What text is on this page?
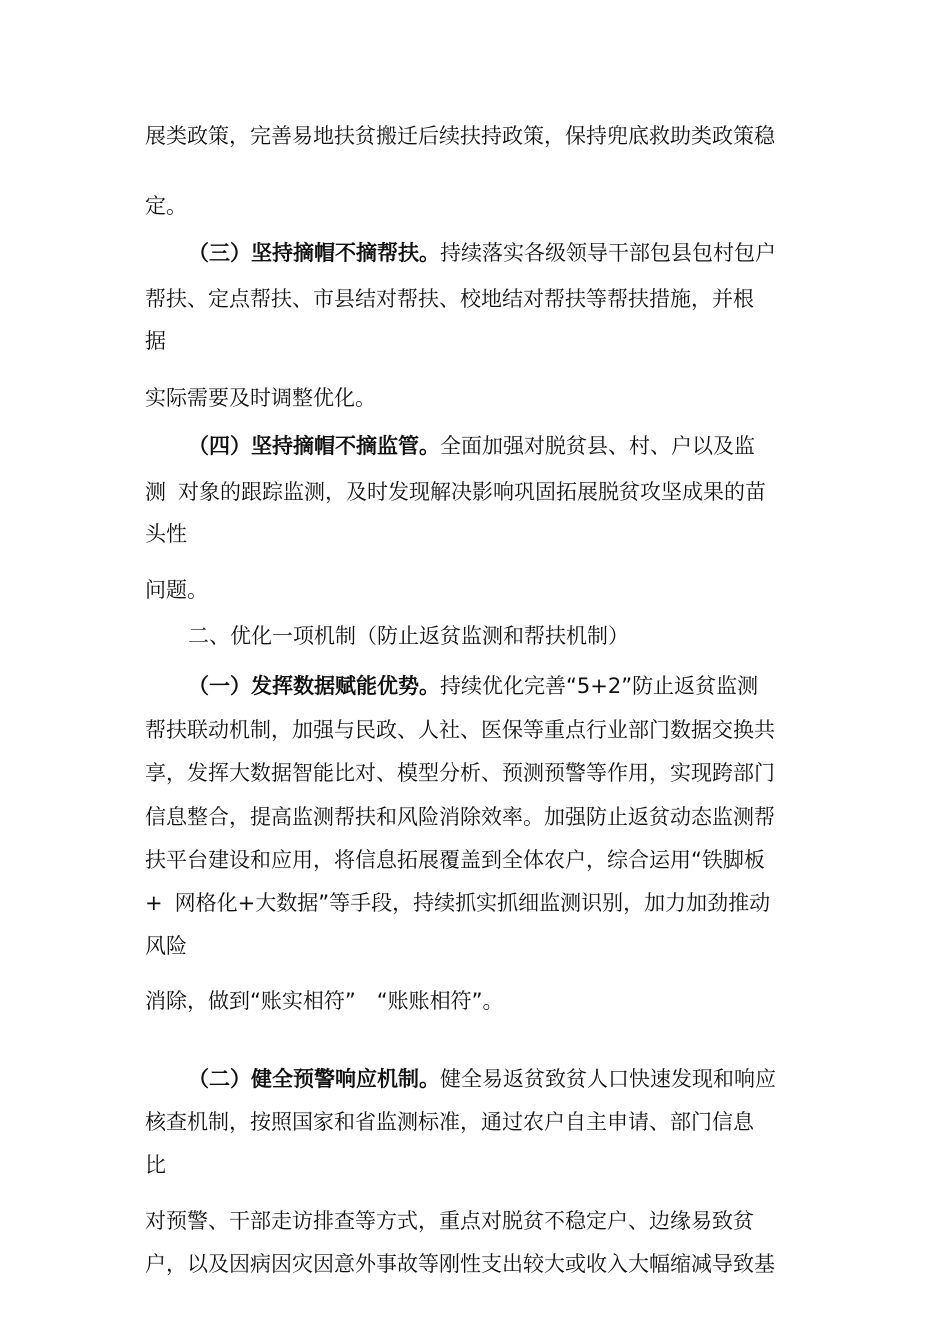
展类政策，完善易地扶贫搬迁后续扶持政策，保持兜底救助类政策稳
定。
（三）坚持摘帽不摘帮扶。持续落实各级领导干部包县包村包户
帮扶、定点帮扶、市县结对帮扶、校地结对帮扶等帮扶措施，并根
据
实际需要及时调整优化。
（四）坚持摘帽不摘监管。全面加强对脱贫县、村、户以及监
测 对象的跟踪监测，及时发现解决影响巩固拓展脱贫攻坚成果的苗
头性
问题。
二、优化一项机制（防止返贫监测和帮扶机制）
（一）发挥数据赋能优势。持续优化完善“5+2”防止返贫监测
帮扶联动机制，加强与民政、人社、医保等重点行业部门数据交换共
享，发挥大数据智能比对、模型分析、预测预警等作用，实现跨部门
信息整合，提高监测帮扶和风险消除效率。加强防止返贫动态监测帮
扶平台建设和应用，将信息拓展覆盖到全体农户，综合运用“铁脚板
+ 网格化+大数据”等手段，持续抓实抓细监测识别，加力加劲推动
风险
消除，做到“账实相符”　“账账相符”。
（二）健全预警响应机制。健全易返贫致贫人口快速发现和响应
核查机制，按照国家和省监测标准，通过农户自主申请、部门信息
比
对预警、干部走访排查等方式，重点对脱贫不稳定户、边缘易致贫
户，以及因病因灾因意外事故等刚性支出较大或收入大幅缩减导致基
